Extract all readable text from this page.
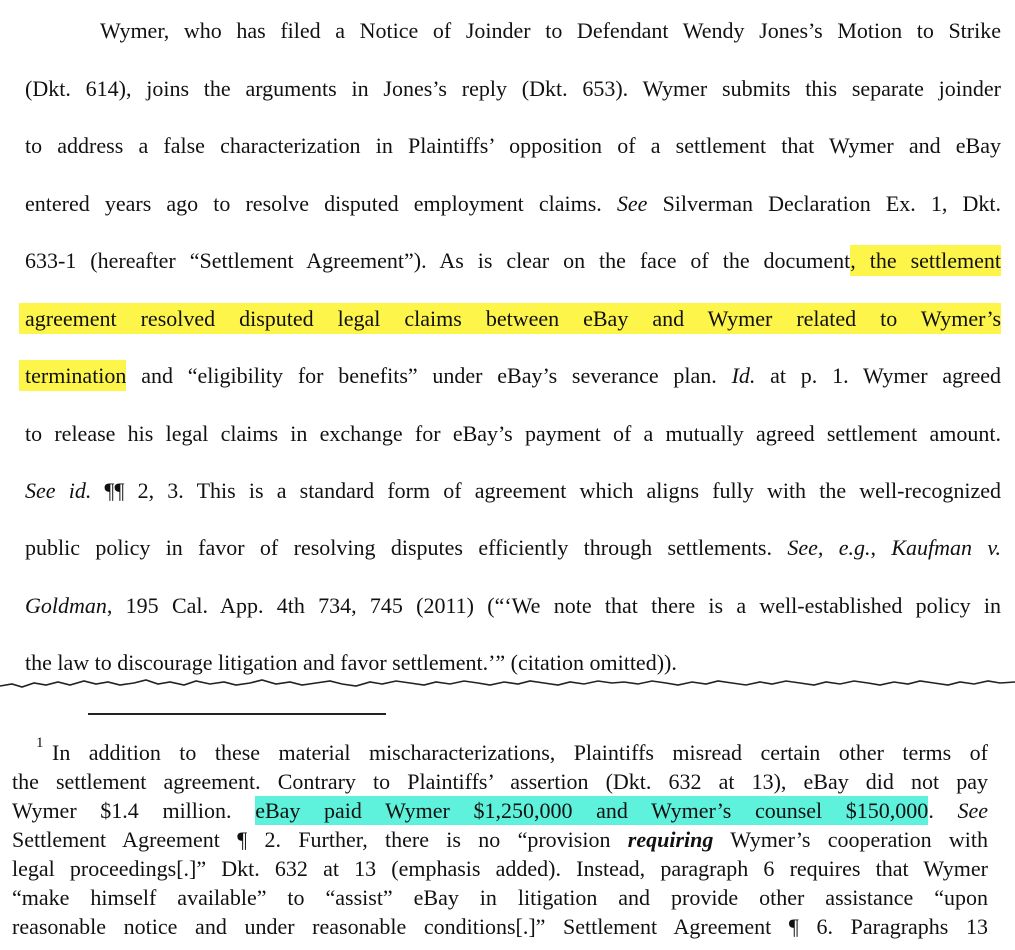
Wymer, who has filed a Notice of Joinder to Defendant Wendy Jones’s Motion to Strike
(Dkt. 614), joins the arguments in Jones’s reply (Dkt. 653). Wymer submits this separate joinder
to address a false characterization in Plaintiffs’ opposition of a settlement that Wymer and eBay
entered years ago to resolve disputed employment claims. See Silverman Declaration Ex. 1, Dkt.
633-1 (hereafter “Settlement Agreement”). As is clear on the face of the document, the settlement
agreement resolved disputed legal claims between eBay and Wymer related to Wymer’s
termination and “eligibility for benefits” under eBay’s severance plan. Id. at p. 1. Wymer agreed
to release his legal claims in exchange for eBay’s payment of a mutually agreed settlement amount.
See id. ¶¶ 2, 3. This is a standard form of agreement which aligns fully with the well-recognized
public policy in favor of resolving disputes efficiently through settlements. See, e.g., Kaufman v.
Goldman, 195 Cal. App. 4th 734, 745 (2011) (“‘We note that there is a well-established policy in
the law to discourage litigation and favor settlement.’” (citation omitted)).
1 In addition to these material mischaracterizations, Plaintiffs misread certain other terms of
the settlement agreement. Contrary to Plaintiffs’ assertion (Dkt. 632 at 13), eBay did not pay
Wymer $1.4 million. eBay paid Wymer $1,250,000 and Wymer’s counsel $150,000. See
Settlement Agreement ¶ 2. Further, there is no “provision requiring Wymer’s cooperation with
legal proceedings[.]” Dkt. 632 at 13 (emphasis added). Instead, paragraph 6 requires that Wymer
“make himself available” to “assist” eBay in litigation and provide other assistance “upon
reasonable notice and under reasonable conditions[.]” Settlement Agreement ¶ 6. Paragraphs 13
